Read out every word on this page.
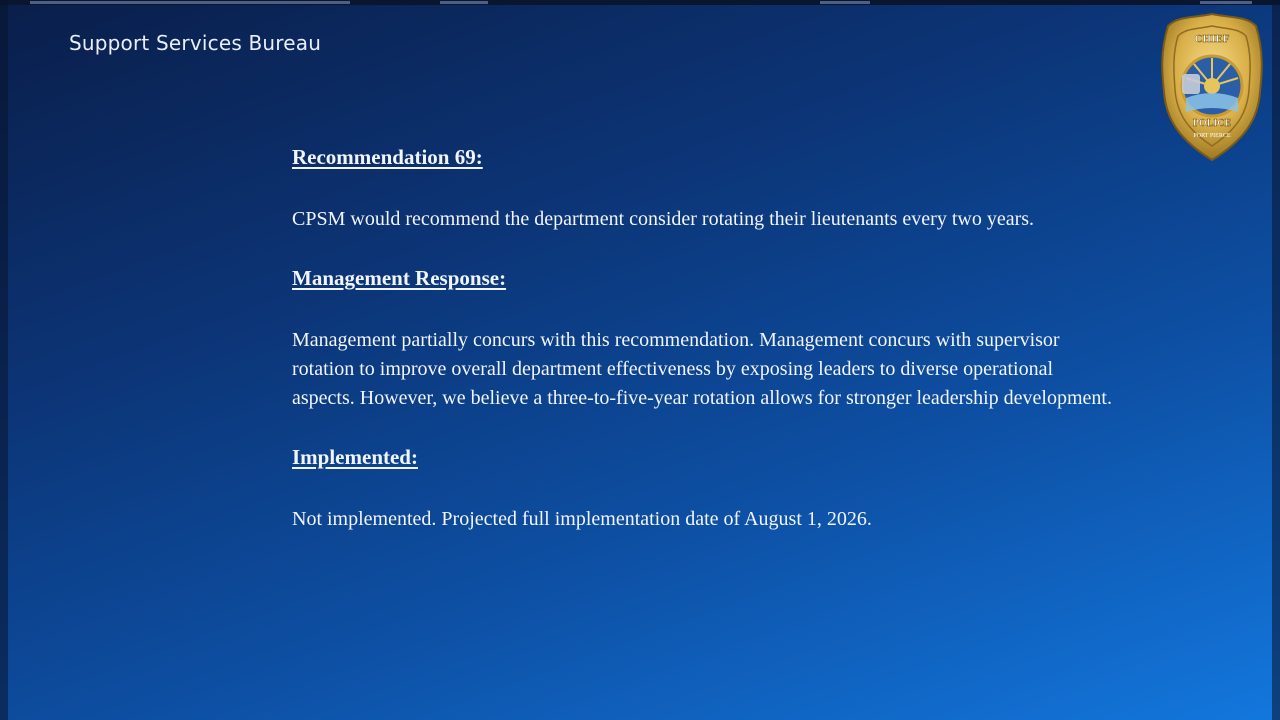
Support Services Bureau	CHIEF
POLICE
PORT PIERCE

Recommendation 69:

CPSM would recommend the department consider rotating their lieutenants every two years.

Management Response:

Management partially concurs with this recommendation. Management concurs with supervisor rotation to improve overall department effectiveness by exposing leaders to diverse operational aspects. However, we believe a three-to-five-year rotation allows for stronger leadership development.

Implemented:

Not implemented. Projected full implementation date of August 1, 2026.
